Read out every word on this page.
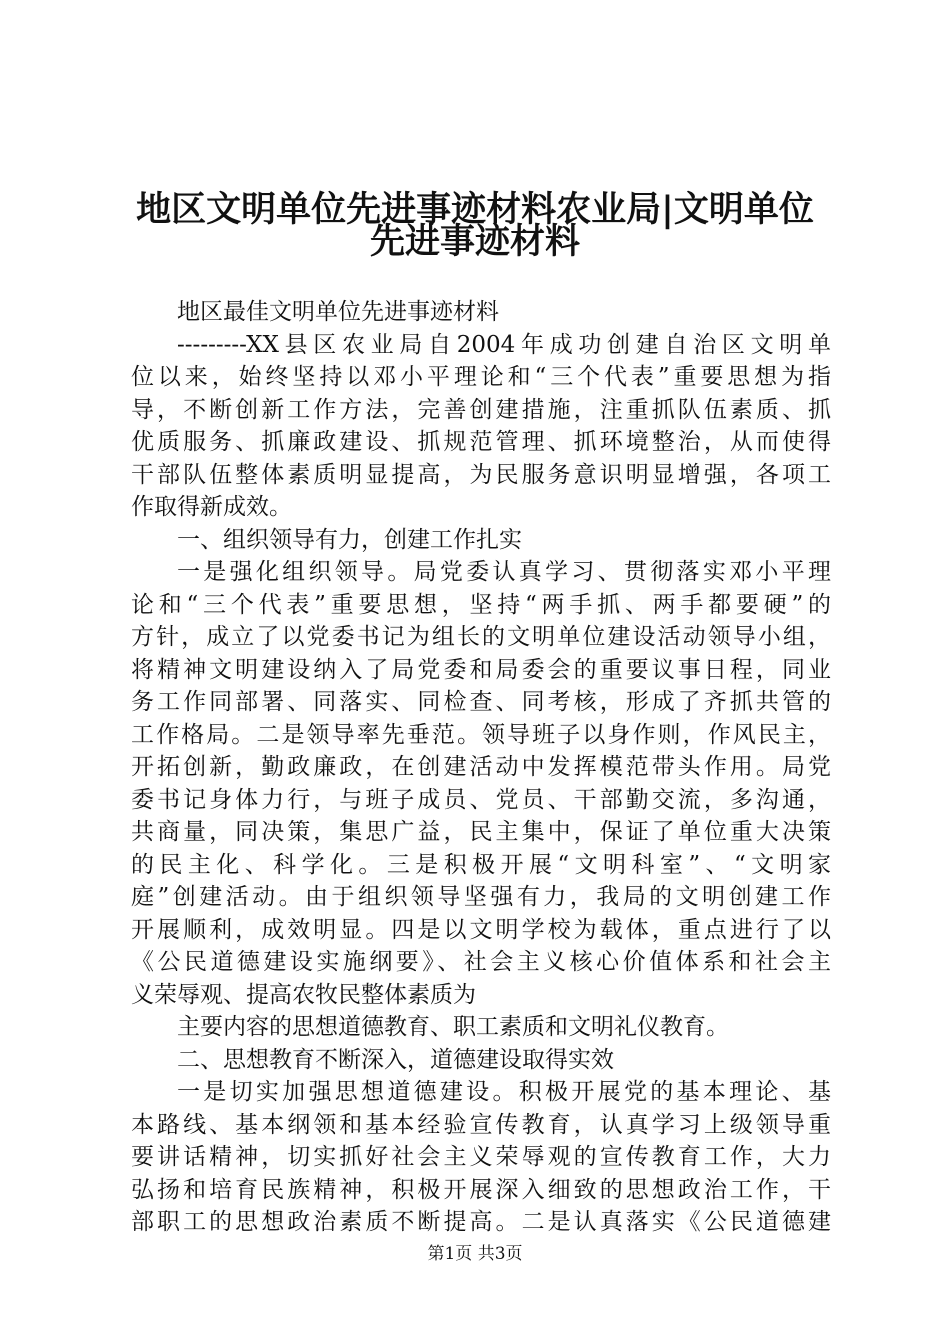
地区文明单位先进事迹材料农业局|文明单位
先进事迹材料
地区最佳文明单位先进事迹材料
---------XX县区农业局自2004年成功创建自治区文明单
位以来，始终坚持以邓小平理论和“三个代表”重要思想为指
导，不断创新工作方法，完善创建措施，注重抓队伍素质、抓
优质服务、抓廉政建设、抓规范管理、抓环境整治，从而使得
干部队伍整体素质明显提高，为民服务意识明显增强，各项工
作取得新成效。
一、组织领导有力，创建工作扎实
一是强化组织领导。局党委认真学习、贯彻落实邓小平理
论和“三个代表”重要思想，坚持“两手抓、两手都要硬”的
方针，成立了以党委书记为组长的文明单位建设活动领导小组，
将精神文明建设纳入了局党委和局委会的重要议事日程，同业
务工作同部署、同落实、同检查、同考核，形成了齐抓共管的
工作格局。二是领导率先垂范。领导班子以身作则，作风民主，
开拓创新，勤政廉政，在创建活动中发挥模范带头作用。局党
委书记身体力行，与班子成员、党员、干部勤交流，多沟通，
共商量，同决策，集思广益，民主集中，保证了单位重大决策
的民主化、科学化。三是积极开展“文明科室”、“文明家
庭”创建活动。由于组织领导坚强有力，我局的文明创建工作
开展顺利，成效明显。四是以文明学校为载体，重点进行了以
《公民道德建设实施纲要》、社会主义核心价值体系和社会主
义荣辱观、提高农牧民整体素质为
主要内容的思想道德教育、职工素质和文明礼仪教育。
二、思想教育不断深入，道德建设取得实效
一是切实加强思想道德建设。积极开展党的基本理论、基
本路线、基本纲领和基本经验宣传教育，认真学习上级领导重
要讲话精神，切实抓好社会主义荣辱观的宣传教育工作，大力
弘扬和培育民族精神，积极开展深入细致的思想政治工作，干
部职工的思想政治素质不断提高。二是认真落实《公民道德建
第1页 共3页
